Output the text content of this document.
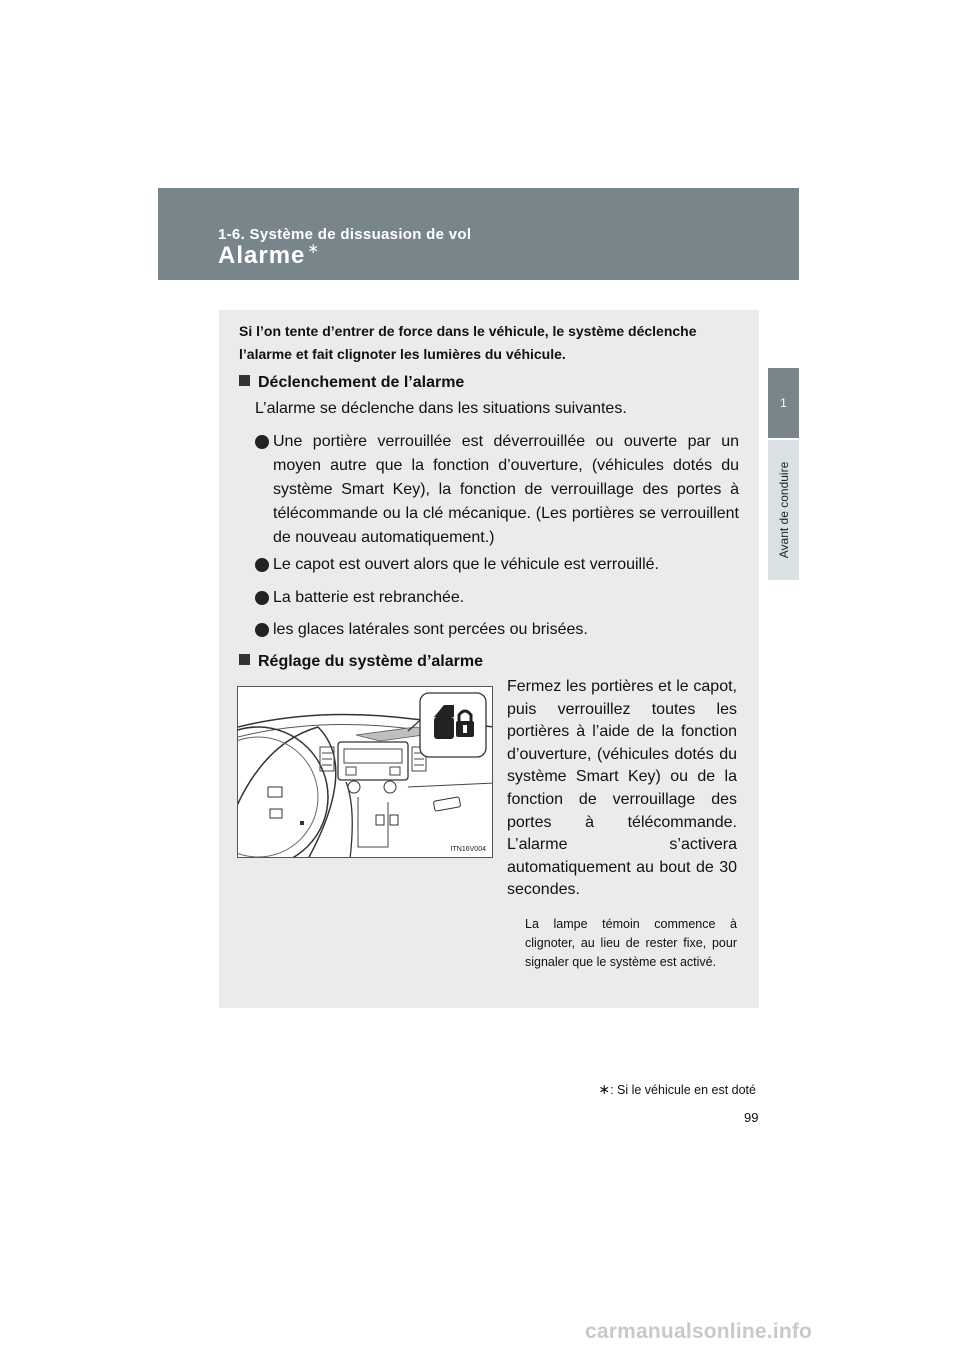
1-6. Système de dissuasion de vol
Alarme ∗
1
Avant de conduire
Si l’on tente d’entrer de force dans le véhicule, le système déclenche l’alarme et fait clignoter les lumières du véhicule.
Déclenchement de l’alarme
L’alarme se déclenche dans les situations suivantes.
Une portière verrouillée est déverrouillée ou ouverte par un moyen autre que la fonction d’ouverture, (véhicules dotés du système Smart Key), la fonction de verrouillage des portes à télécommande ou la clé mécanique. (Les portières se verrouillent de nouveau automatiquement.)
Le capot est ouvert alors que le véhicule est verrouillé.
La batterie est rebranchée.
les glaces latérales sont percées ou brisées.
Réglage du système d’alarme
ITN16V004
Fermez les portières et le capot, puis verrouillez toutes les portières à l’aide de la fonction d’ouverture, (véhicules dotés du système Smart Key) ou de la fonction de verrouillage des portes à télécommande. L’alarme s’activera automatiquement au bout de 30 secondes.
La lampe témoin commence à clignoter, au lieu de rester fixe, pour signaler que le système est activé.
∗: Si le véhicule en est doté
99
carmanualsonline.info
